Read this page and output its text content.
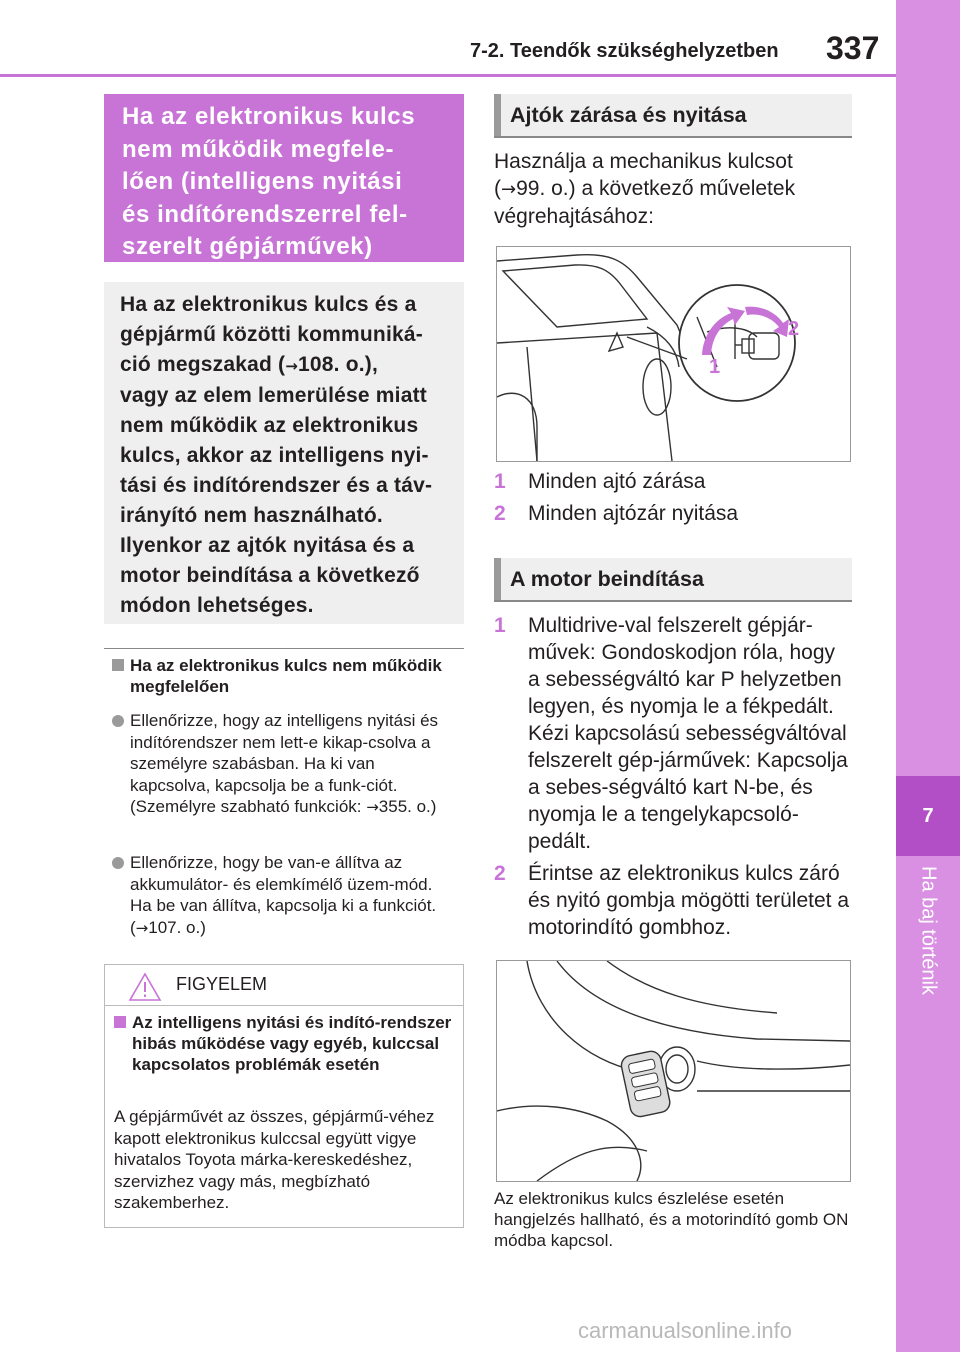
7-2. Teendők szükséghelyzetben 337
7
Ha baj történik
Ha az elektronikus kulcs
nem működik megfele-
lően (intelligens nyitási
és indítórendszerrel fel-
szerelt gépjárművek)
Ha az elektronikus kulcs és a
gépjármű közötti kommuniká-
ció megszakad (→108. o.),
vagy az elem lemerülése miatt
nem működik az elektronikus
kulcs, akkor az intelligens nyi-
tási és indítórendszer és a táv-
irányító nem használható.
Ilyenkor az ajtók nyitása és a
motor beindítása a következő
módon lehetséges.
Ha az elektronikus kulcs nem működik megfelelően
Ellenőrizze, hogy az intelligens nyitási és indítórendszer nem lett-e kikap-csolva a személyre szabásban. Ha ki van kapcsolva, kapcsolja be a funk-ciót. (Személyre szabható funkciók: →355. o.)
Ellenőrizze, hogy be van-e állítva az akkumulátor- és elemkímélő üzem-mód. Ha be van állítva, kapcsolja ki a funkciót. (→107. o.)
FIGYELEM
Az intelligens nyitási és indító-rendszer hibás működése vagy egyéb, kulccsal kapcsolatos problémák esetén
A gépjárművét az összes, gépjármű-véhez kapott elektronikus kulccsal együtt vigye hivatalos Toyota márka-kereskedéshez, szervizhez vagy más, megbízható szakemberhez.
Ajtók zárása és nyitása
Használja a mechanikus kulcsot
(→99. o.) a következő műveletek végrehajtásához:
1
2
1 Minden ajtó zárása
2 Minden ajtózár nyitása
A motor beindítása
1 Multidrive-val felszerelt gépjár-művek: Gondoskodjon róla, hogy a sebességváltó kar P helyzetben legyen, és nyomja le a fékpedált. Kézi kapcsolású sebességváltóval felszerelt gép-járművek: Kapcsolja a sebes-ségváltó kart N-be, és nyomja le a tengelykapcsoló-pedált.
2 Érintse az elektronikus kulcs záró és nyitó gombja mögötti területet a motorindító gombhoz.
Az elektronikus kulcs észlelése esetén hangjelzés hallható, és a motorindító gomb ON módba kapcsol.
carmanualsonline.info
